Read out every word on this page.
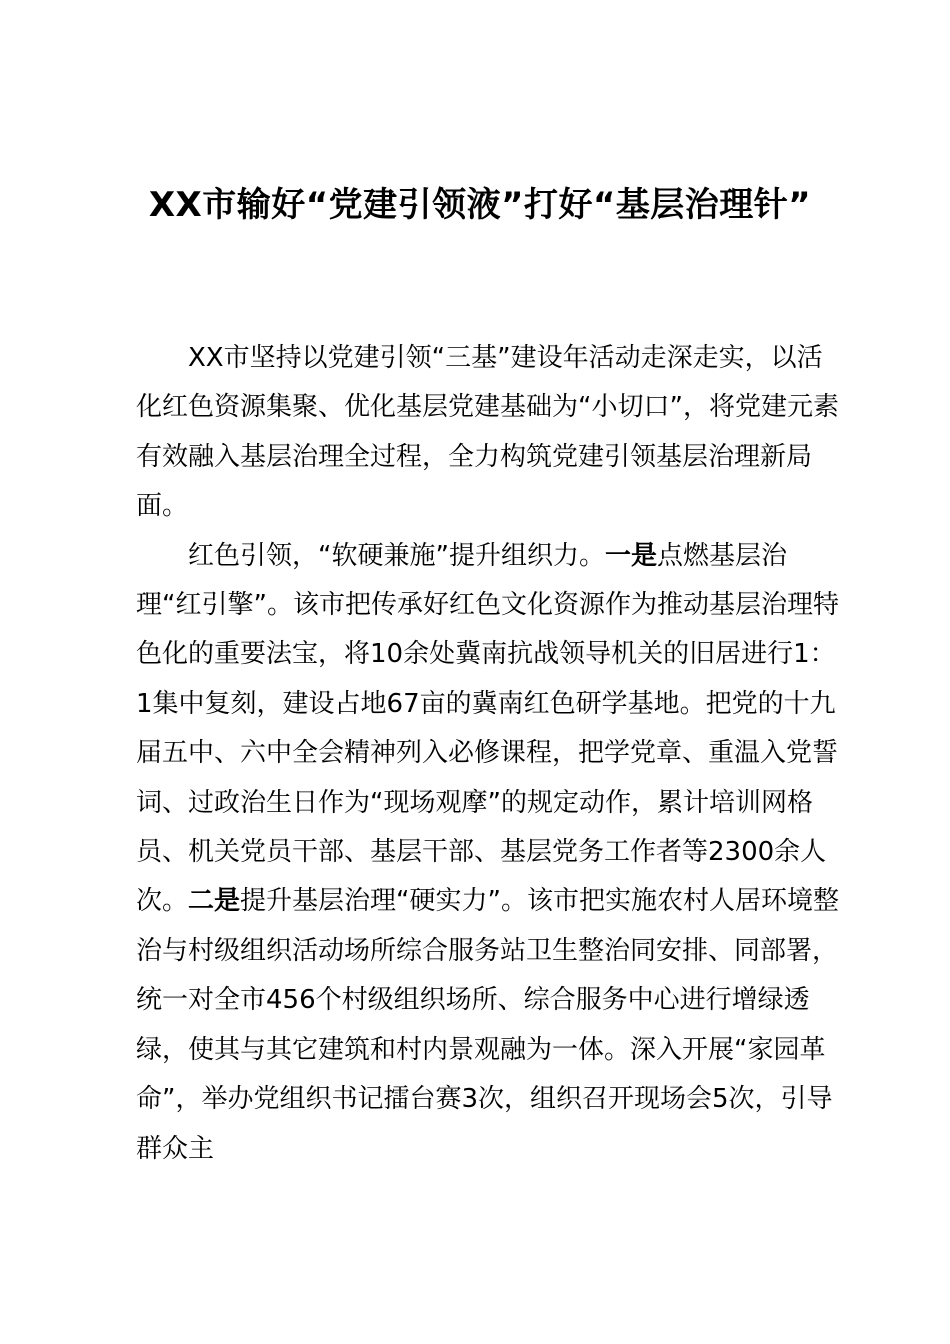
XX市输好“党建引领液”打好“基层治理针”

XX市坚持以党建引领“三基”建设年活动走深走实，以活化红色资源集聚、优化基层党建基础为“小切口”，将党建元素有效融入基层治理全过程，全力构筑党建引领基层治理新局面。

红色引领，“软硬兼施”提升组织力。一是点燃基层治理“红引擎”。该市把传承好红色文化资源作为推动基层治理特色化的重要法宝，将10余处冀南抗战领导机关的旧居进行1：1集中复刻，建设占地67亩的冀南红色研学基地。把党的十九届五中、六中全会精神列入必修课程，把学党章、重温入党誓词、过政治生日作为“现场观摩”的规定动作，累计培训网格员、机关党员干部、基层干部、基层党务工作者等2300余人次。二是提升基层治理“硬实力”。该市把实施农村人居环境整治与村级组织活动场所综合服务站卫生整治同安排、同部署，统一对全市456个村级组织场所、综合服务中心进行增绿透绿，使其与其它建筑和村内景观融为一体。深入开展“家园革命”，举办党组织书记擂台赛3次，组织召开现场会5次，引导群众主
